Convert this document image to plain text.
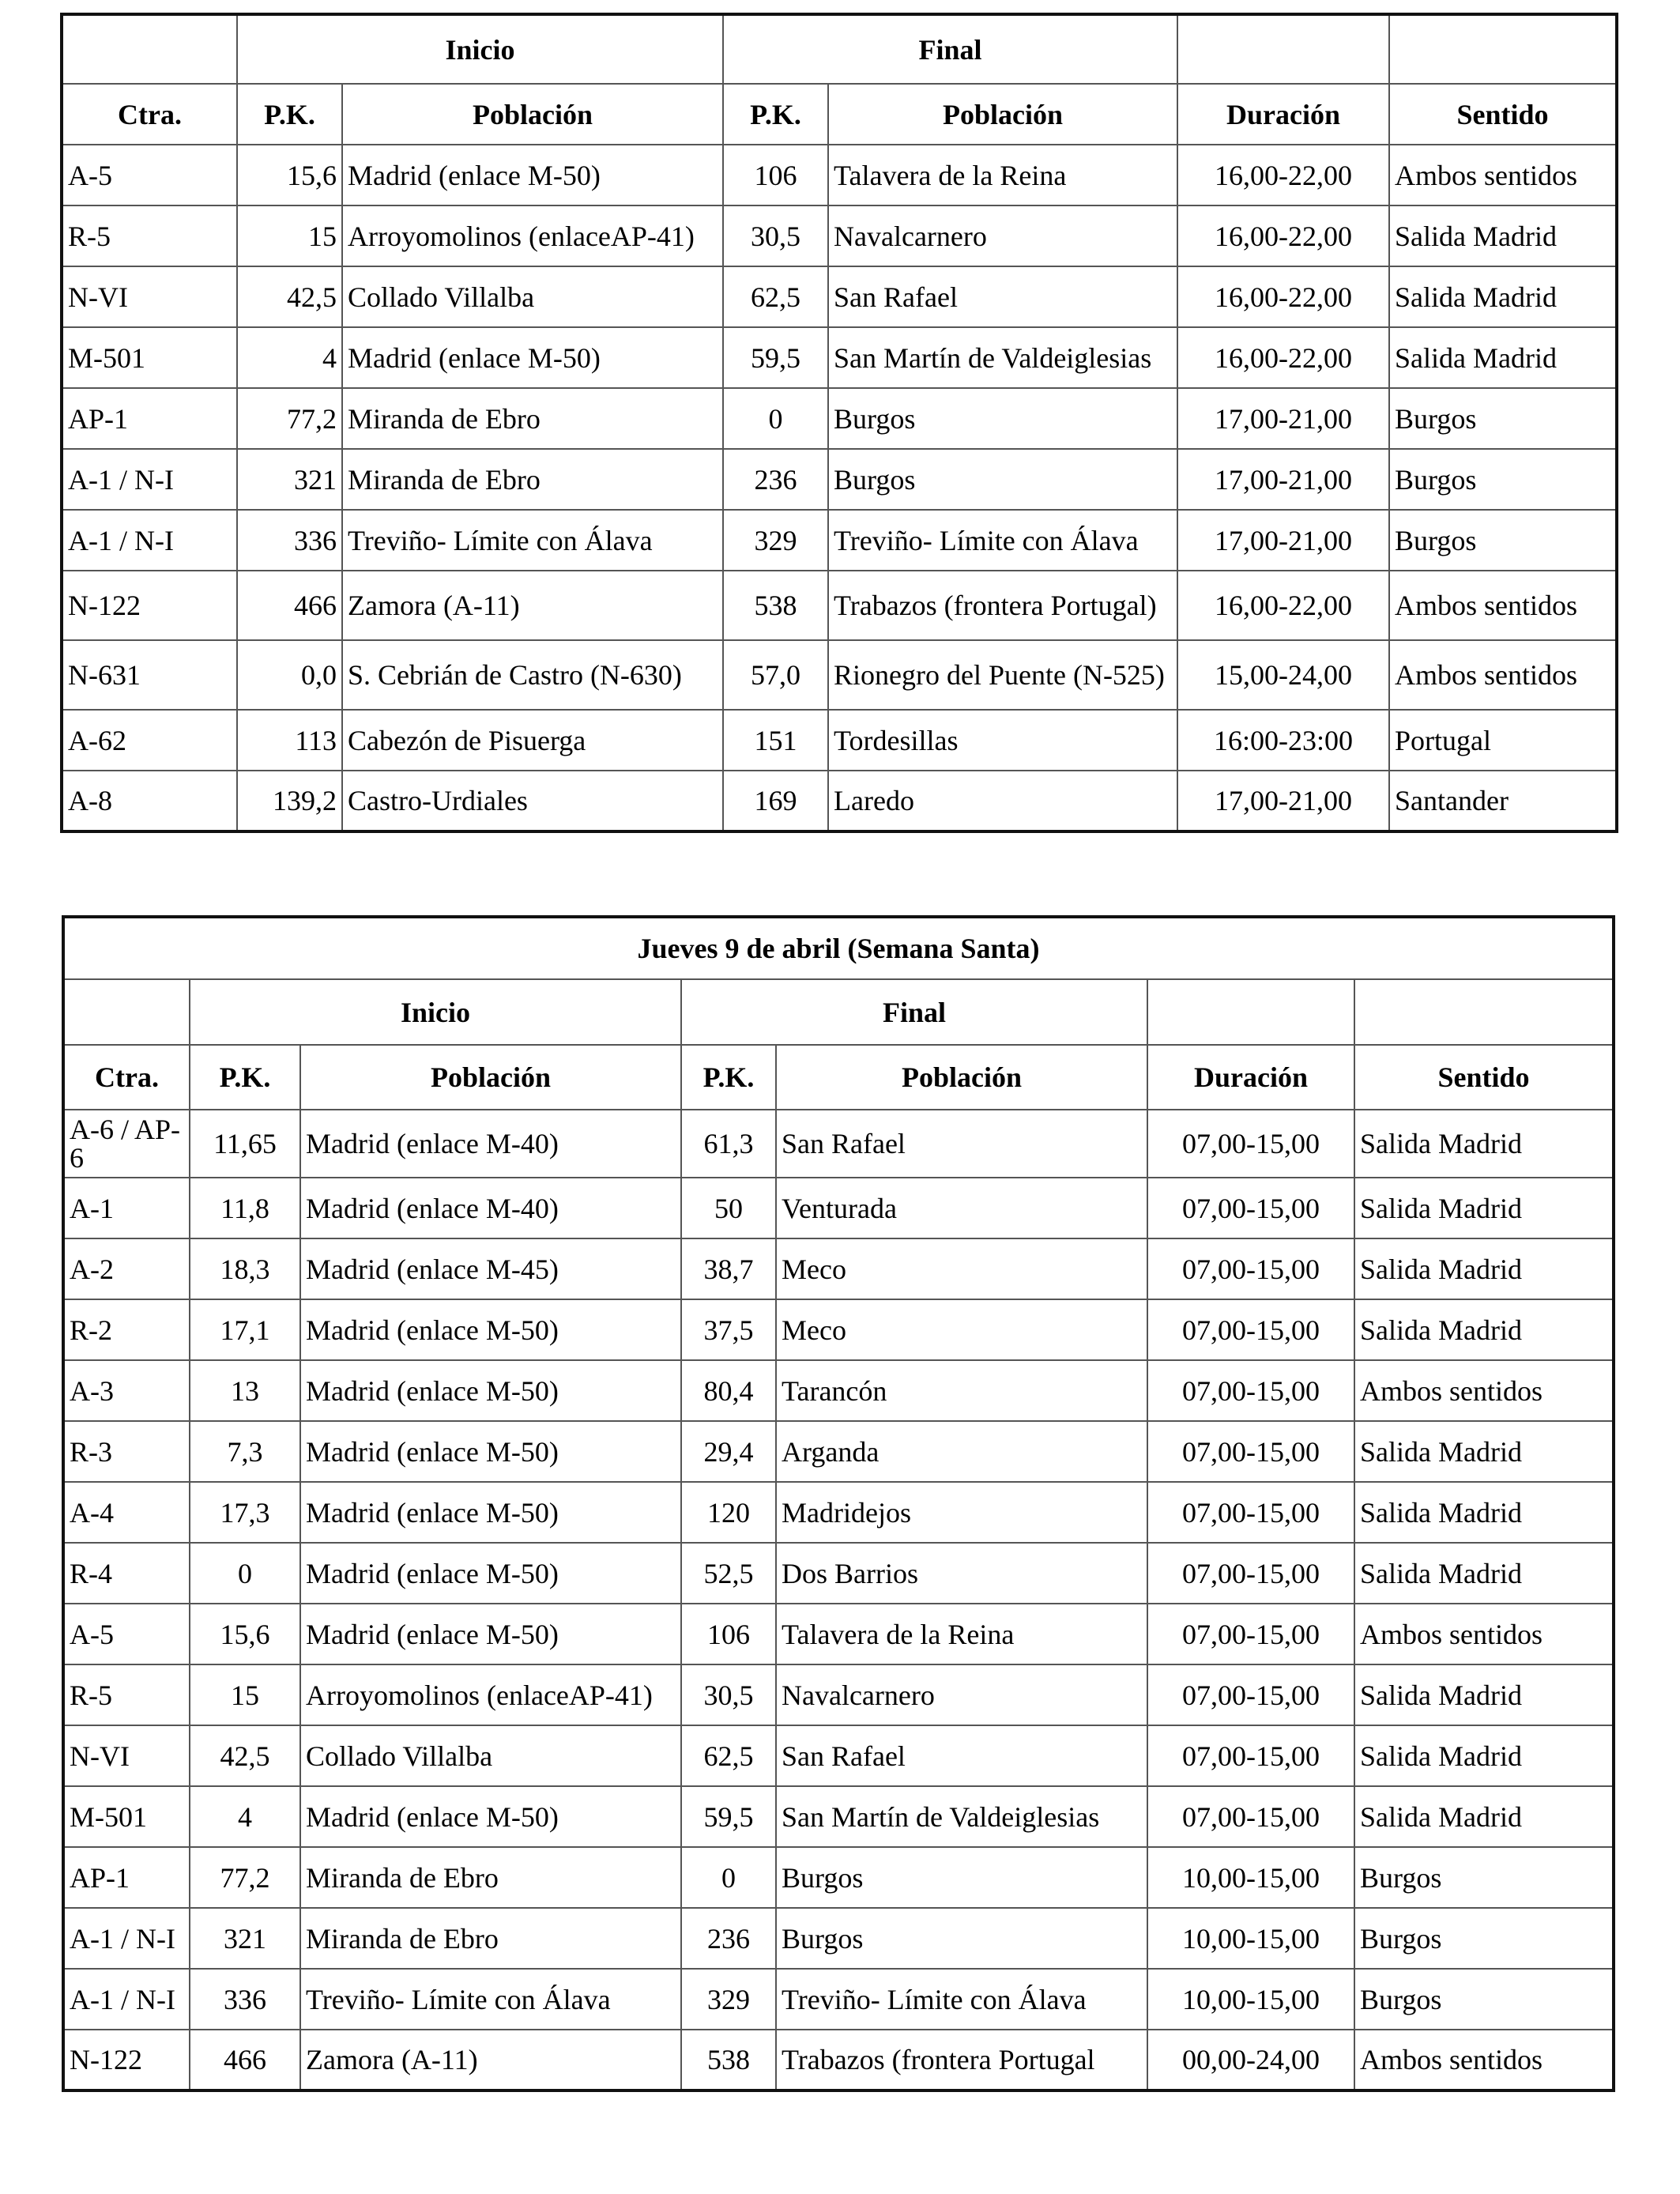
	Inicio		Final			
Ctra.	P.K.	Población	P.K.	Población	Duración	Sentido
A-5	15,6	Madrid (enlace M-50)	106	Talavera de la Reina	16,00-22,00	Ambos sentidos
R-5	15	Arroyomolinos (enlaceAP-41)	30,5	Navalcarnero	16,00-22,00	Salida Madrid
N-VI	42,5	Collado Villalba	62,5	San Rafael	16,00-22,00	Salida Madrid
M-501	4	Madrid (enlace M-50)	59,5	San Martín de Valdeiglesias	16,00-22,00	Salida Madrid
AP-1	77,2	Miranda de Ebro	0	Burgos	17,00-21,00	Burgos
A-1 / N-I	321	Miranda de Ebro	236	Burgos	17,00-21,00	Burgos
A-1 / N-I	336	Treviño- Límite con Álava	329	Treviño- Límite con Álava	17,00-21,00	Burgos
N-122	466	Zamora (A-11)	538	Trabazos (frontera Portugal)	16,00-22,00	Ambos sentidos
N-631	0,0	S. Cebrián de Castro (N-630)	57,0	Rionegro del Puente (N-525)	15,00-24,00	Ambos sentidos
A-62	113	Cabezón de Pisuerga	151	Tordesillas	16:00-23:00	Portugal
A-8	139,2	Castro-Urdiales	169	Laredo	17,00-21,00	Santander
Jueves 9 de abril (Semana Santa)						
	Inicio		Final			
Ctra.	P.K.	Población	P.K.	Población	Duración	Sentido
A-6 / AP-6	11,65	Madrid (enlace M-40)	61,3	San Rafael	07,00-15,00	Salida Madrid
A-1	11,8	Madrid (enlace M-40)	50	Venturada	07,00-15,00	Salida Madrid
A-2	18,3	Madrid (enlace M-45)	38,7	Meco	07,00-15,00	Salida Madrid
R-2	17,1	Madrid (enlace M-50)	37,5	Meco	07,00-15,00	Salida Madrid
A-3	13	Madrid (enlace M-50)	80,4	Tarancón	07,00-15,00	Ambos sentidos
R-3	7,3	Madrid (enlace M-50)	29,4	Arganda	07,00-15,00	Salida Madrid
A-4	17,3	Madrid (enlace M-50)	120	Madridejos	07,00-15,00	Salida Madrid
R-4	0	Madrid (enlace M-50)	52,5	Dos Barrios	07,00-15,00	Salida Madrid
A-5	15,6	Madrid (enlace M-50)	106	Talavera de la Reina	07,00-15,00	Ambos sentidos
R-5	15	Arroyomolinos (enlaceAP-41)	30,5	Navalcarnero	07,00-15,00	Salida Madrid
N-VI	42,5	Collado Villalba	62,5	San Rafael	07,00-15,00	Salida Madrid
M-501	4	Madrid (enlace M-50)	59,5	San Martín de Valdeiglesias	07,00-15,00	Salida Madrid
AP-1	77,2	Miranda de Ebro	0	Burgos	10,00-15,00	Burgos
A-1 / N-I	321	Miranda de Ebro	236	Burgos	10,00-15,00	Burgos
A-1 / N-I	336	Treviño- Límite con Álava	329	Treviño- Límite con Álava	10,00-15,00	Burgos
N-122	466	Zamora (A-11)	538	Trabazos (frontera Portugal	00,00-24,00	Ambos sentidos
